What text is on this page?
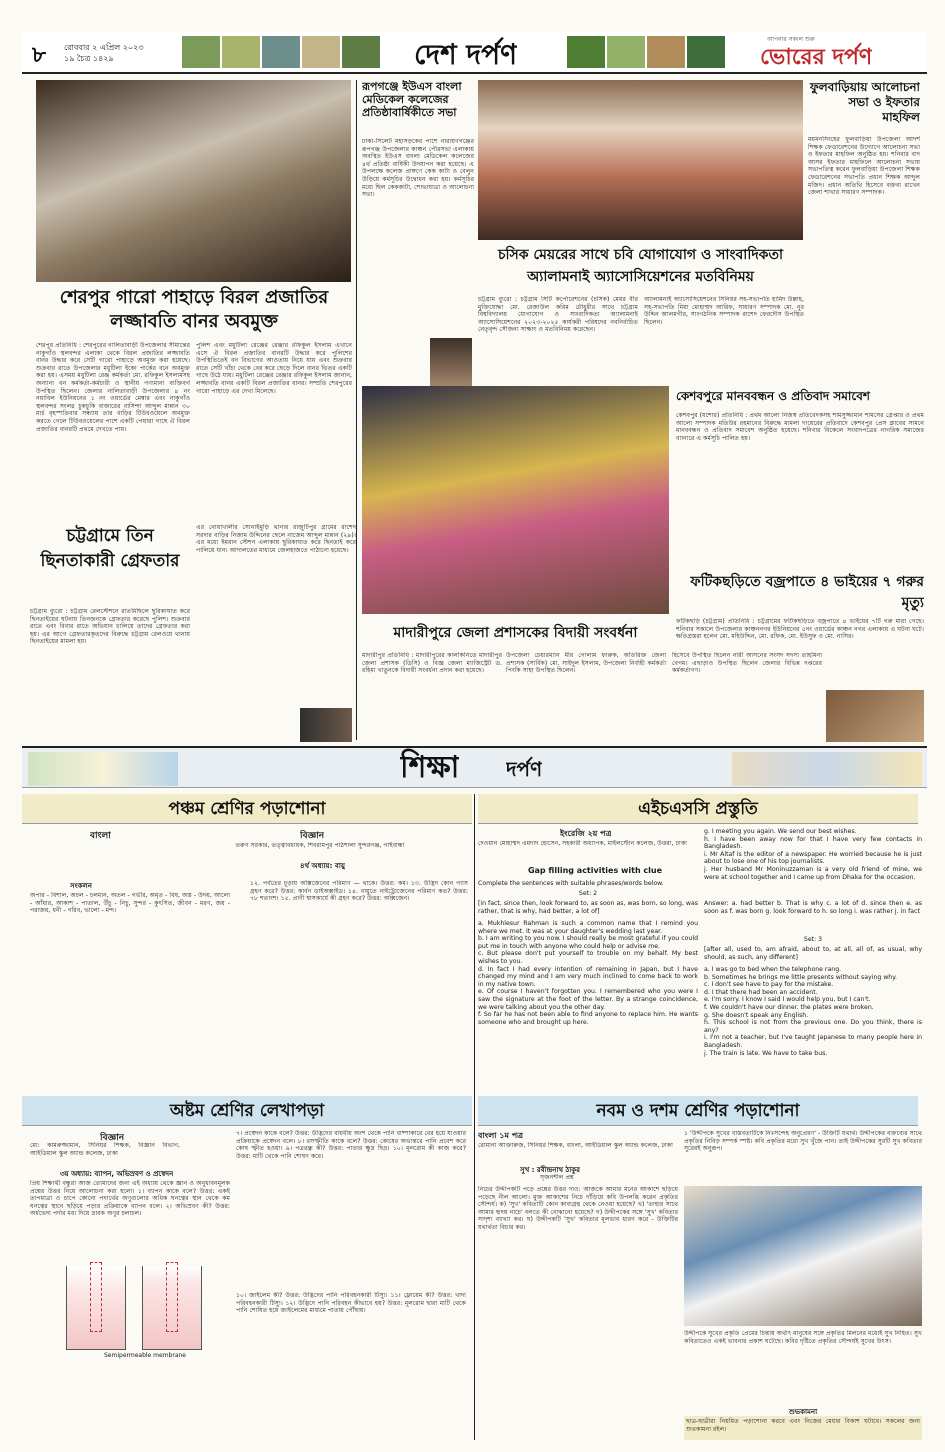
৮ রোববার ২ এপ্রিল ২০২৩
১৯ চৈত্র ১৪২৯	দেশ দর্পণ	আপনার সকাল শুরু
ভোরের দর্পণ
শেরপুর গারো পাহাড়ে বিরল প্রজাতির
লজ্জাবতি বানর অবমুক্ত
শেরপুর প্রতিনিধি : শেরপুরের নালিতাবাড়ী উপজেলার সীমান্তের নাকুগাঁও স্থলবন্দর এলাকা থেকে বিরল প্রজাতির লজ্জাবতি বানর উদ্ধার করে সেটি গারো পাহাড়ে অবমুক্ত করা হয়েছে। শুক্রবার রাতে উপজেলার মধুটিলা ইকো পার্কের বনে অবমুক্ত করা হয়। এসময় মধুটিলা রেঞ্জ কর্মকর্তা মো. রফিকুল ইসলামসহ অন্যান্য বন কর্মকর্তা-কর্মচারী ও স্থানীয় গণ্যমান্য ব্যক্তিবর্গ উপস্থিত ছিলেন। জেলার নালিতাবাড়ী উপজেলার ৪ নং নয়াবিল ইউনিয়নের ১ নং ওয়ার্ডের মেম্বার এবং নাকুগাঁও স্থলবন্দর সংলগ্ন চুকচুকি বাজারের বাসিন্দা আব্দুল মান্নান ৩০ মার্চ বৃহস্পতিবার সন্ধ্যায় তার বাড়ির টিউবওয়েলে অবমুক্ত করতে গেলে টিউবওয়েলের পাশে একটি পেয়ারা গাছে ঐ বিরল প্রজাতির বানরটি প্রথমে দেখতে পায়।
পুলিশ এবং মধুটিলা রেঞ্জের রেঞ্জার রফিকুল ইসলাম এখানে এসে ঐ বিরল প্রজাতির বানরটি উদ্ধার করে পুলিশের উপস্থিতিতেই বন বিভাগের আওতায় নিয়ে যায় এবং শুক্রবার রাতে সেটি খাঁচা থেকে বের করে ছেড়ে দিলে বানর ভিতর একটি গাছে উঠে যায়। মধুটিলা রেঞ্জের রেঞ্জার রফিকুল ইসলাম জানান, লজ্জাবতি বানর একটি বিরল প্রজাতির বানর। সম্প্রতি শেরপুরের গারো পাহাড়ে এর দেখা মিলেছে।
চট্টগ্রামে তিন ছিনতাকারী গ্রেফতার
চট্টগ্রাম ব্যুরো : চট্টগ্রাম রেলস্টেশনে রাতমিছিলে ছুরিকাঘাত করে ছিনতাইয়ের ঘটনায় তিনজনকে গ্রেফতার করেছে পুলিশ। শুক্রবার রাতে এবং বিবার রাতে অভিযান চালিয়ে তাদের গ্রেফতার করা হয়। এর আগে গ্রেফতারকৃতদের বিরুদ্ধে চট্টগ্রাম রেলওয়ে থানায় ছিনতাইয়ের মামলা হয়।
এর নোয়াখালীর সোনাইমুড়ি থানার রাজুটিপুর গ্রামের রাশেদ সরদার বাড়ির নিজাম উদ্দিনের ছেলে নাজেম আব্দুল মান্নান (২৯)। এর মধ্যে ইমরান স্টেশন এলাকায় ছুরিকাঘাত করে ছিনতাই করে পালিয়ে যান। আদালতের মাধ্যমে জেলহাজতে পাঠানো হয়েছে।
রূপগঞ্জে ইউএস বাংলা মেডিকেল কলেজের প্রতিষ্ঠাবার্ষিকীতে সভা
ঢাকা-সিলেট মহাসড়কের পাশে নারায়ণগঞ্জের রূপগঞ্জ উপজেলার কাঞ্চন পৌরসভা এলাকায় অবস্থিত ইউএস বাংলা মেডিকেল কলেজের ৪র্থ প্রতিষ্ঠা বার্ষিকী উদযাপন করা হয়েছে। এ উপলক্ষে কলেজ প্রাঙ্গণে কেক কাটা ও বেলুন উড়িয়ে কর্মসূচির উদ্বোধন করা হয়। কর্মসূচির মধ্যে ছিল কেককাটা, শোভাযাত্রা ও আলোচনা সভা।
চসিক মেয়রের সাথে চবি যোগাযোগ ও সাংবাদিকতা
অ্যালামনাই অ্যাসোসিয়েশনের মতবিনিময়
চট্টগ্রাম ব্যুরো : চট্টগ্রাম সিটি কর্পোরেশনের (চসিক) মেয়র বীর মুক্তিযোদ্ধা মো. রেজাউল করিম চৌধুরীর সাথে চট্টগ্রাম বিশ্ববিদ্যালয় যোগাযোগ ও সাংবাদিকতা অ্যালামনাই অ্যাসোসিয়েশনের ২০২৩-২০২৫ কার্যকরী পরিষদের নবনির্বাচিত নেতৃবৃন্দ সৌজন্য সাক্ষাৎ ও মতবিনিময় করেছেন।
অ্যালামনাই অ্যাসোসিয়েশনের সিনিয়র সহ-সভাপতি হামিদ উল্লাহ, সহ-সভাপতি মিয়া মোহাম্মদ আরিফ, সাধারণ সম্পাদক মো. নুর উদ্দিন আলমগীর, সাংগঠনিক সম্পাদক রাশেদ ফেরদৌস উপস্থিত ছিলেন।
ফুলবাড়িয়ায় আলোচনা সভা ও ইফতার মাহফিল
ময়মনসিংহের ফুলবাড়িয়া উপজেলা আদর্শ শিক্ষক ফেডারেশনের উদ্যোগে আলোচনা সভা ও ইফতার মাহফিল অনুষ্ঠিত হয়। শনিবার বাদ আসর ইফতার মাহফিলে আলোচনা সভায় সভাপতিত্ব করেন ফুলবাড়িয়া উপজেলা শিক্ষক ফেডারেশনের সভাপতি প্রধান শিক্ষক আব্দুল মজিদ। প্রধান অতিথি হিসেবে বক্তব্য রাখেন জেলা শাখার সাধারণ সম্পাদক।
মাদারীপুরে জেলা প্রশাসকের বিদায়ী সংবর্ধনা
মাদারীপুর প্রতিনিধি : মাদারীপুরের কালকিনিতে মাদারীপুর জেলা প্রশাসক (ডিসি) ও বিজ্ঞ জেলা ম্যাজিস্ট্রেট ড. রহিমা খাতুনকে বিদায়ী সংবর্ধনা প্রদান করা হয়েছে।
উপজেলা চেয়ারম্যান মীর গোলাম ফারুক, অতিরিক্ত জেলা প্রশাসক (সার্বিক) মো. সাইদুল ইসলাম, উপজেলা নির্বাহী কর্মকর্তা পিংকি সাহা উপস্থিত ছিলেন।
হিসেবে উপস্থিত ছিলেন নারী আসনের সংসদ সদস্য তাহমিনা বেগম। এছাড়াও উপস্থিত ছিলেন জেলার বিভিন্ন দপ্তরের কর্মকর্তাগণ।
কেশবপুরে মানববন্ধন ও প্রতিবাদ সমাবেশ
কেশবপুর (যশোর) প্রতিনিধি : প্রথম আলো নিজস্ব প্রতিবেদকসহ শামসুজ্জামান শামসের গ্রেপ্তার ও প্রথম আলো সম্পাদক মতিউর রহমানের বিরুদ্ধে মামলা দায়েরের প্রতিবাদে কেশবপুর প্রেস ক্লাবের সামনে মানববন্ধন ও প্রতিবাদ সমাবেশ অনুষ্ঠিত হয়েছে। শনিবার বিকেলে সংবাদপত্রের নাগরিক সমাজের ব্যানারে এ কর্মসূচি পালিত হয়।
ফটিকছড়িতে বজ্রপাতে ৪ ভাইয়ের ৭ গরুর মৃত্যু
ফটিকছড়ি (চট্টগ্রাম) প্রতিনিধি : চট্টগ্রামের ফটিকছড়িতে বজ্রপাতে ৪ ভাইয়ের ৭টি গরু মারা গেছে। শনিবার সকালে উপজেলার কাঞ্চননগর ইউনিয়নের ৫নং ওয়ার্ডের কাঞ্চন নগর এলাকায় এ ঘটনা ঘটে। ক্ষতিগ্রস্তরা হলেন মো. মহিউদ্দিন, মো. রফিক, মো. ইউসুফ ও মো. নাসির।
শিক্ষা দর্পণ
পঞ্চম শ্রেণির পড়াশোনা
বাংলা	বিজ্ঞান
তরুণ সরকার, তত্ত্বাবধায়ক, শিবরামপুর পাঠশালা সুন্দরগঞ্জ, গাইবান্ধা
৪র্থ অধ্যায়: বায়ু
সংকলন
অপার - বিশাল, অচল - চলমান, অতল - গভীর, অমৃত - বিষ, অস্ত - উদয়, আলো - আঁধার, আকাশ - পাতাল, উঁচু - নিচু, সুন্দর - কুৎসিত, জীবন - মরণ, জয় - পরাজয়, ধনী - গরিব, ভালো - মন্দ।
১২. পর্বতের চূড়ায় অক্সিজেনের পরিমাণ — থাকে। উত্তর: কম। ১৩. উদ্ভিদ কোন গ্যাস গ্রহণ করে? উত্তর: কার্বন ডাইঅক্সাইড। ১৪. বায়ুতে নাইট্রোজেনের পরিমাণ কত? উত্তর: ৭৮ শতাংশ। ১৫. প্রাণী শ্বাসকার্যে কী গ্রহণ করে? উত্তর: অক্সিজেন।
এইচএসসি প্রস্তুতি
ইংরেজি ২য় পত্র
দেওয়ান মোহাম্মদ এমদাদ হোসেন, সহকারী অধ্যাপক, মাইলস্টোন কলেজ, উত্তরা, ঢাকা
Gap filling activities with clue
Complete the sentences with suitable phrases/words below.
Set: 2
[in fact, since then, look forward to, as soon as, was born, so long, was rather, that is why, had better, a lot of]
a. Mukhlesur Rahman is such a common name that I remind you where we met. It was at your daughter's wedding last year.
b. I am writing to you now. I should really be most grateful if you could put me in touch with anyone who could help or advise me.
c. But please don't put yourself to trouble on my behalf. My best wishes to you.
d. In fact I had every intention of remaining in Japan, but I have changed my mind and I am very much inclined to come back to work in my native town.
e. Of course I haven't forgotten you. I remembered who you were I saw the signature at the foot of the letter. By a strange coincidence, we were talking about you the other day.
f. So far he has not been able to find anyone to replace him. He wants someone who and brought up here.
g. I meeting you again. We send our best wishes.
h. I have been away now for that I have very few contacts in Bangladesh.
i. Mr Altaf is the editor of a newspaper. He worried because he is just about to lose one of his top journalists.
j. Her husband Mr Moninuzzaman is a very old friend of mine, we were at school together and I came up from Dhaka for the occasion.
Answer: a. had better b. That is why c. a lot of d. since then e. as soon as f. was born g. look forward to h. so long i. was rather j. in fact
Set: 3
[after all, used to, am afraid, about to, at all, all of, as usual, why should, as such, any different]
a. I was go to bed when the telephone rang.
b. Sometimes he brings me little presents without saying why.
c. I don't see have to pay for the mistake.
d. I that there had been an accident.
e. I'm sorry. I know I said I would help you, but I can't.
f. We couldn't have our dinner. the plates were broken.
g. She doesn't speak any English.
h. This school is not from the previous one. Do you think, there is any?
i. I'm not a teacher, but I've taught Japanese to many people here in Bangladesh.
j. The train is late. We have to take bus.
নবম ও দশম শ্রেণির পড়াশোনা
বাংলা ১ম পত্র
রোমানা আক্তারুজ, সিনিয়র শিক্ষক, বাংলা, আইডিয়াল স্কুল অ্যান্ড কলেজ, ঢাকা
সুখ : রবীন্দ্রনাথ ঠাকুর
সৃজনশীল প্রশ্ন
নিচের উদ্দীপকটি পড়ে প্রশ্নের উত্তর দাও: আজকে আমার মনের আকাশে ছড়িয়ে পড়েছে নীল আলো। মুক্ত আকাশের নিচে দাঁড়িয়ে কবি উপলব্ধি করেন প্রকৃতির সৌন্দর্য। ক) 'সুখ' কবিতাটি কোন কাব্যগ্রন্থ থেকে নেওয়া হয়েছে? খ) 'তাহার সাথে আমার হৃদয় নাচে' বলতে কী বোঝানো হয়েছে? গ) উদ্দীপকের সঙ্গে 'সুখ' কবিতার সাদৃশ্য ব্যাখ্যা কর। ঘ) উদ্দীপকটি 'সুখ' কবিতার মূলভাব ধারণ করে - উক্তিটির যথার্থতা বিচার কর।
১ 'উদ্দীপকে সুখের বাস্তবতাটিকে নিঃসন্দেহ অনুপ্রেরণ' - উক্তিটি যথার্থ। উদ্দীপকের বক্তব্যের সাথে প্রকৃতির নিবিড় সম্পর্ক স্পষ্ট। কবি প্রকৃতির মধ্যে সুখ খুঁজে পান। তাই উদ্দীপকের সুরটি সুখ কবিতার সুরেরই অনুরূপ।
উদ্দীপকে সুখের প্রকৃতি প্রেমের চিন্তায় অর্থাৎ মানুষের সঙ্গে প্রকৃতির মিলনের মধ্যেই সুখ নিহিত। সুখ কবিতাতেও একই ভাবনার প্রকাশ ঘটেছে। কবির দৃষ্টিতে প্রকৃতির সৌন্দর্যই সুখের উৎস।
শুভকামনা
ছাত্র-ছাত্রীরা নিয়মিত পড়াশোনা করবে এবং নিজের মেধার বিকাশ ঘটাবে। সকলের জন্য শুভকামনা রইল।
অষ্টম শ্রেণির লেখাপড়া
বিজ্ঞান
মো: কামরুজ্জামান, সিনিয়র শিক্ষক, বিজ্ঞান বিভাগ, আইডিয়াল স্কুল অ্যান্ড কলেজ, ঢাকা
৩য় অধ্যায়: ব্যাপন, অভিস্রবণ ও প্রস্বেদন
প্রিয় শিক্ষার্থী বন্ধুরা আজ তোমাদের জন্য এই অধ্যায় থেকে জ্ঞান ও অনুধাবনমূলক প্রশ্নের উত্তর নিয়ে আলোচনা করা হলো। ১। ব্যাপন কাকে বলে? উত্তর: একই তাপমাত্রা ও চাপে কোনো পদার্থের অণুগুলোর অধিক ঘনত্বের স্থান থেকে কম ঘনত্বের স্থানে ছড়িয়ে পড়ার প্রক্রিয়াকে ব্যাপন বলে। ২। অভিস্রবণ কী? উত্তর: অর্ধভেদ্য পর্দার মধ্য দিয়ে দ্রাবক অণুর চলাচল।
Semipermeable membrane
৭। প্রস্বেদন কাকে বলে? উত্তর: উদ্ভিদের বায়বীয় অংশ থেকে পানি বাষ্পাকারে বের হয়ে যাওয়ার প্রক্রিয়াকে প্রস্বেদন বলে। ৮। রসস্ফীতি কাকে বলে? উত্তর: কোষের অভ্যন্তরে পানি প্রবেশ করে কোষ স্ফীত হওয়া। ৯। পত্ররন্ধ্র কী? উত্তর: পাতার ক্ষুদ্র ছিদ্র। ১০। মূলরোম কী কাজ করে? উত্তর: মাটি থেকে পানি শোষণ করে।
১০। জাইলেম কী? উত্তর: উদ্ভিদের পানি পরিবহনকারী টিস্যু। ১১। ফ্লোয়েম কী? উত্তর: খাদ্য পরিবহনকারী টিস্যু। ১২। উদ্ভিদে পানি পরিবহন কীভাবে হয়? উত্তর: মূলরোম দ্বারা মাটি থেকে পানি শোষিত হয়ে জাইলেমের মাধ্যমে পাতায় পৌঁছায়।
